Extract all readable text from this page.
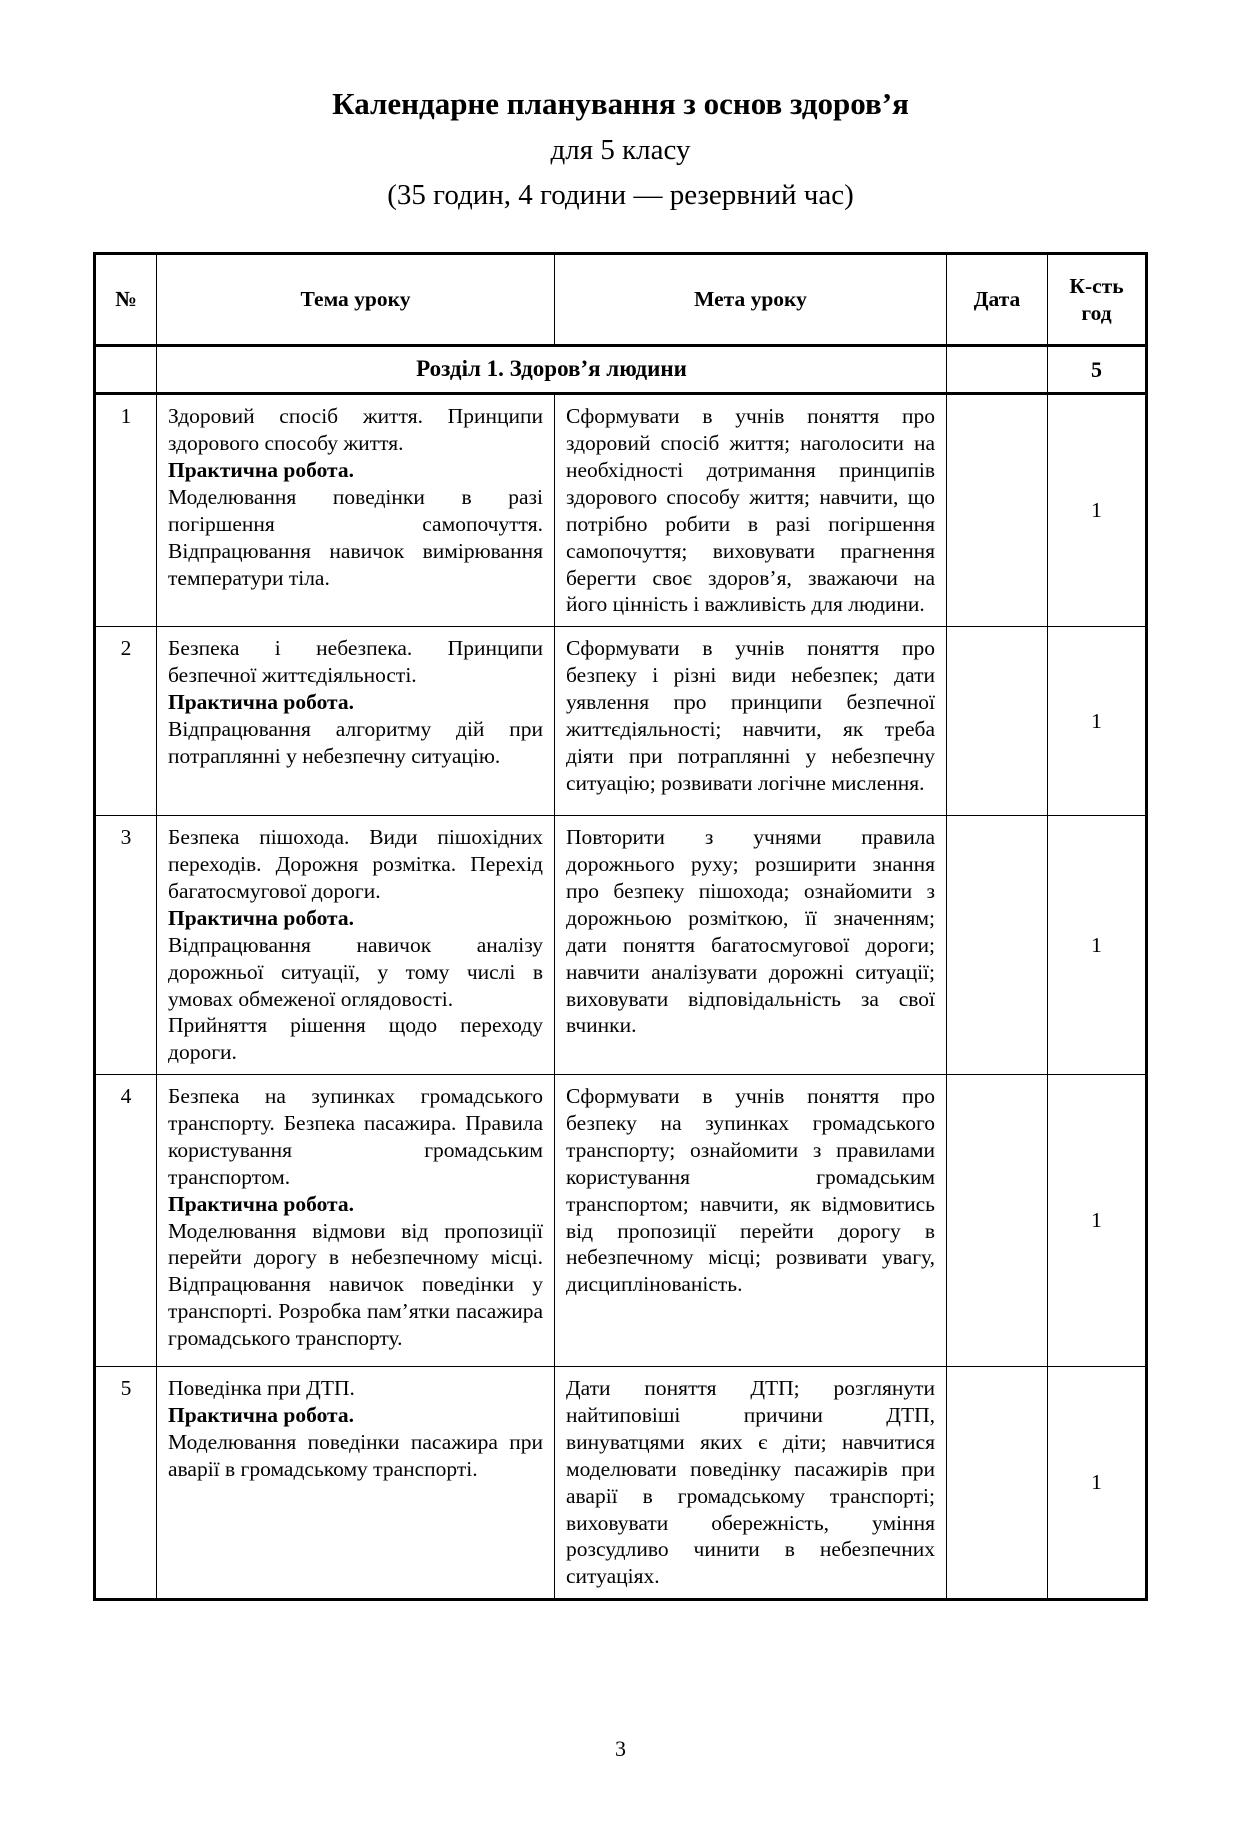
Календарне планування з основ здоров’я
для 5 класу
(35 годин, 4 години — резервний час)
№	Тема уроку	Мета уроку	Дата	К-сть год
	Розділ 1. Здоров’я людини			5
1	Здоровий спосіб життя. Принципи здорового способу життя.
Практична робота.
Моделювання поведінки в разі погіршення самопочуття. Відпрацювання навичок вимірювання температури тіла.
	Сформувати в учнів поняття про здоровий спосіб життя; наголосити на необхідності дотримання принципів здорового способу життя; навчити, що потрібно робити в разі погіршення самопочуття; виховувати прагнення берегти своє здоров’я, зважаючи на його цінність і важливість для людини.		1
2	Безпека і небезпека. Принципи безпечної життєдіяльності.
Практична робота.
Відпрацювання алгоритму дій при потраплянні у небезпечну ситуацію.
	Сформувати в учнів поняття про безпеку і різні види небезпек; дати уявлення про принципи безпечної життєдіяльності; навчити, як треба діяти при потраплянні у небезпечну ситуацію; розвивати логічне мислення.		1
3	Безпека пішохода. Види пішохідних переходів. Дорожня розмітка. Перехід багатосмугової дороги.
Практична робота.
Відпрацювання навичок аналізу дорожньої ситуації, у тому числі в умовах обмеженої оглядовості.
Прийняття рішення щодо переходу дороги.
	Повторити з учнями правила дорожнього руху; розширити знання про безпеку пішохода; ознайомити з дорожньою розміткою, її значенням; дати поняття багатосмугової дороги; навчити аналізувати дорожні ситуації; виховувати відповідальність за свої вчинки.		1
4	Безпека на зупинках громадського транспорту. Безпека пасажира. Правила користування громадським транспортом.
Практична робота.
Моделювання відмови від пропозиції перейти дорогу в небезпечному місці. Відпрацювання навичок поведінки у транспорті. Розробка пам’ятки пасажира громадського транспорту.
	Сформувати в учнів поняття про безпеку на зупинках громадського транспорту; ознайомити з правилами користування громадським транспортом; навчити, як відмовитись від пропозиції перейти дорогу в небезпечному місці; розвивати увагу, дисциплінованість.		1
5	Поведінка при ДТП.
Практична робота.
Моделювання поведінки пасажира при аварії в громадському транспорті.
	Дати поняття ДТП; розглянути найтиповіші причини ДТП, винуватцями яких є діти; навчитися моделювати поведінку пасажирів при аварії в громадському транспорті; виховувати обережність, уміння розсудливо чинити в небезпечних ситуаціях.		1
3
